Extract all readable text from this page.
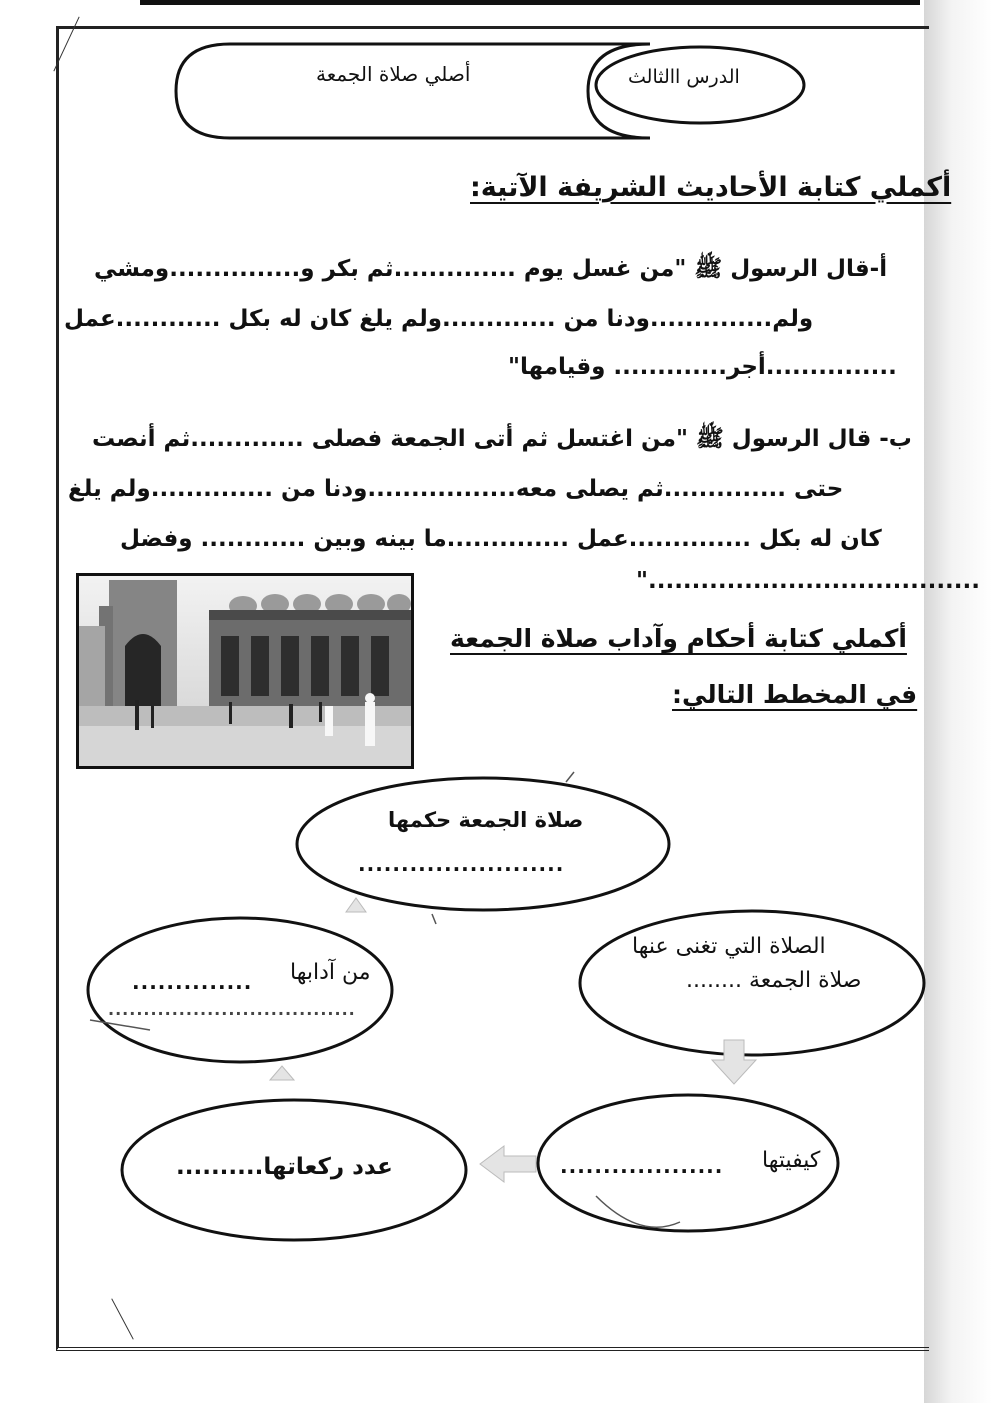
الدرس االثالث
أصلي صلاة الجمعة
أكملي كتابة الأحاديث الشريفة الآتية:
أ-قال الرسول ﷺ "من غسل يوم ..............ثم بكر و...............ومشي
ولم..............ودنا من .............ولم يلغ كان له بكل ............عمل
...............أجر............. وقيامها"
ب- قال الرسول ﷺ "من اغتسل ثم أتى الجمعة فصلى .............ثم أنصت
حتى ..............ثم يصلى معه.................ودنا من ..............ولم يلغ
كان له بكل ..............عمل ..............ما بينه وبين ............ وفضل
......................................"
أكملي كتابة أحكام وآداب صلاة الجمعة
في المخطط التالي:
صلاة الجمعة حكمها
........................
الصلاة التي تغنى عنها
صلاة الجمعة ........
من آدابها
..............
...................................
كيفيتها
...................
عدد ركعاتها..........
